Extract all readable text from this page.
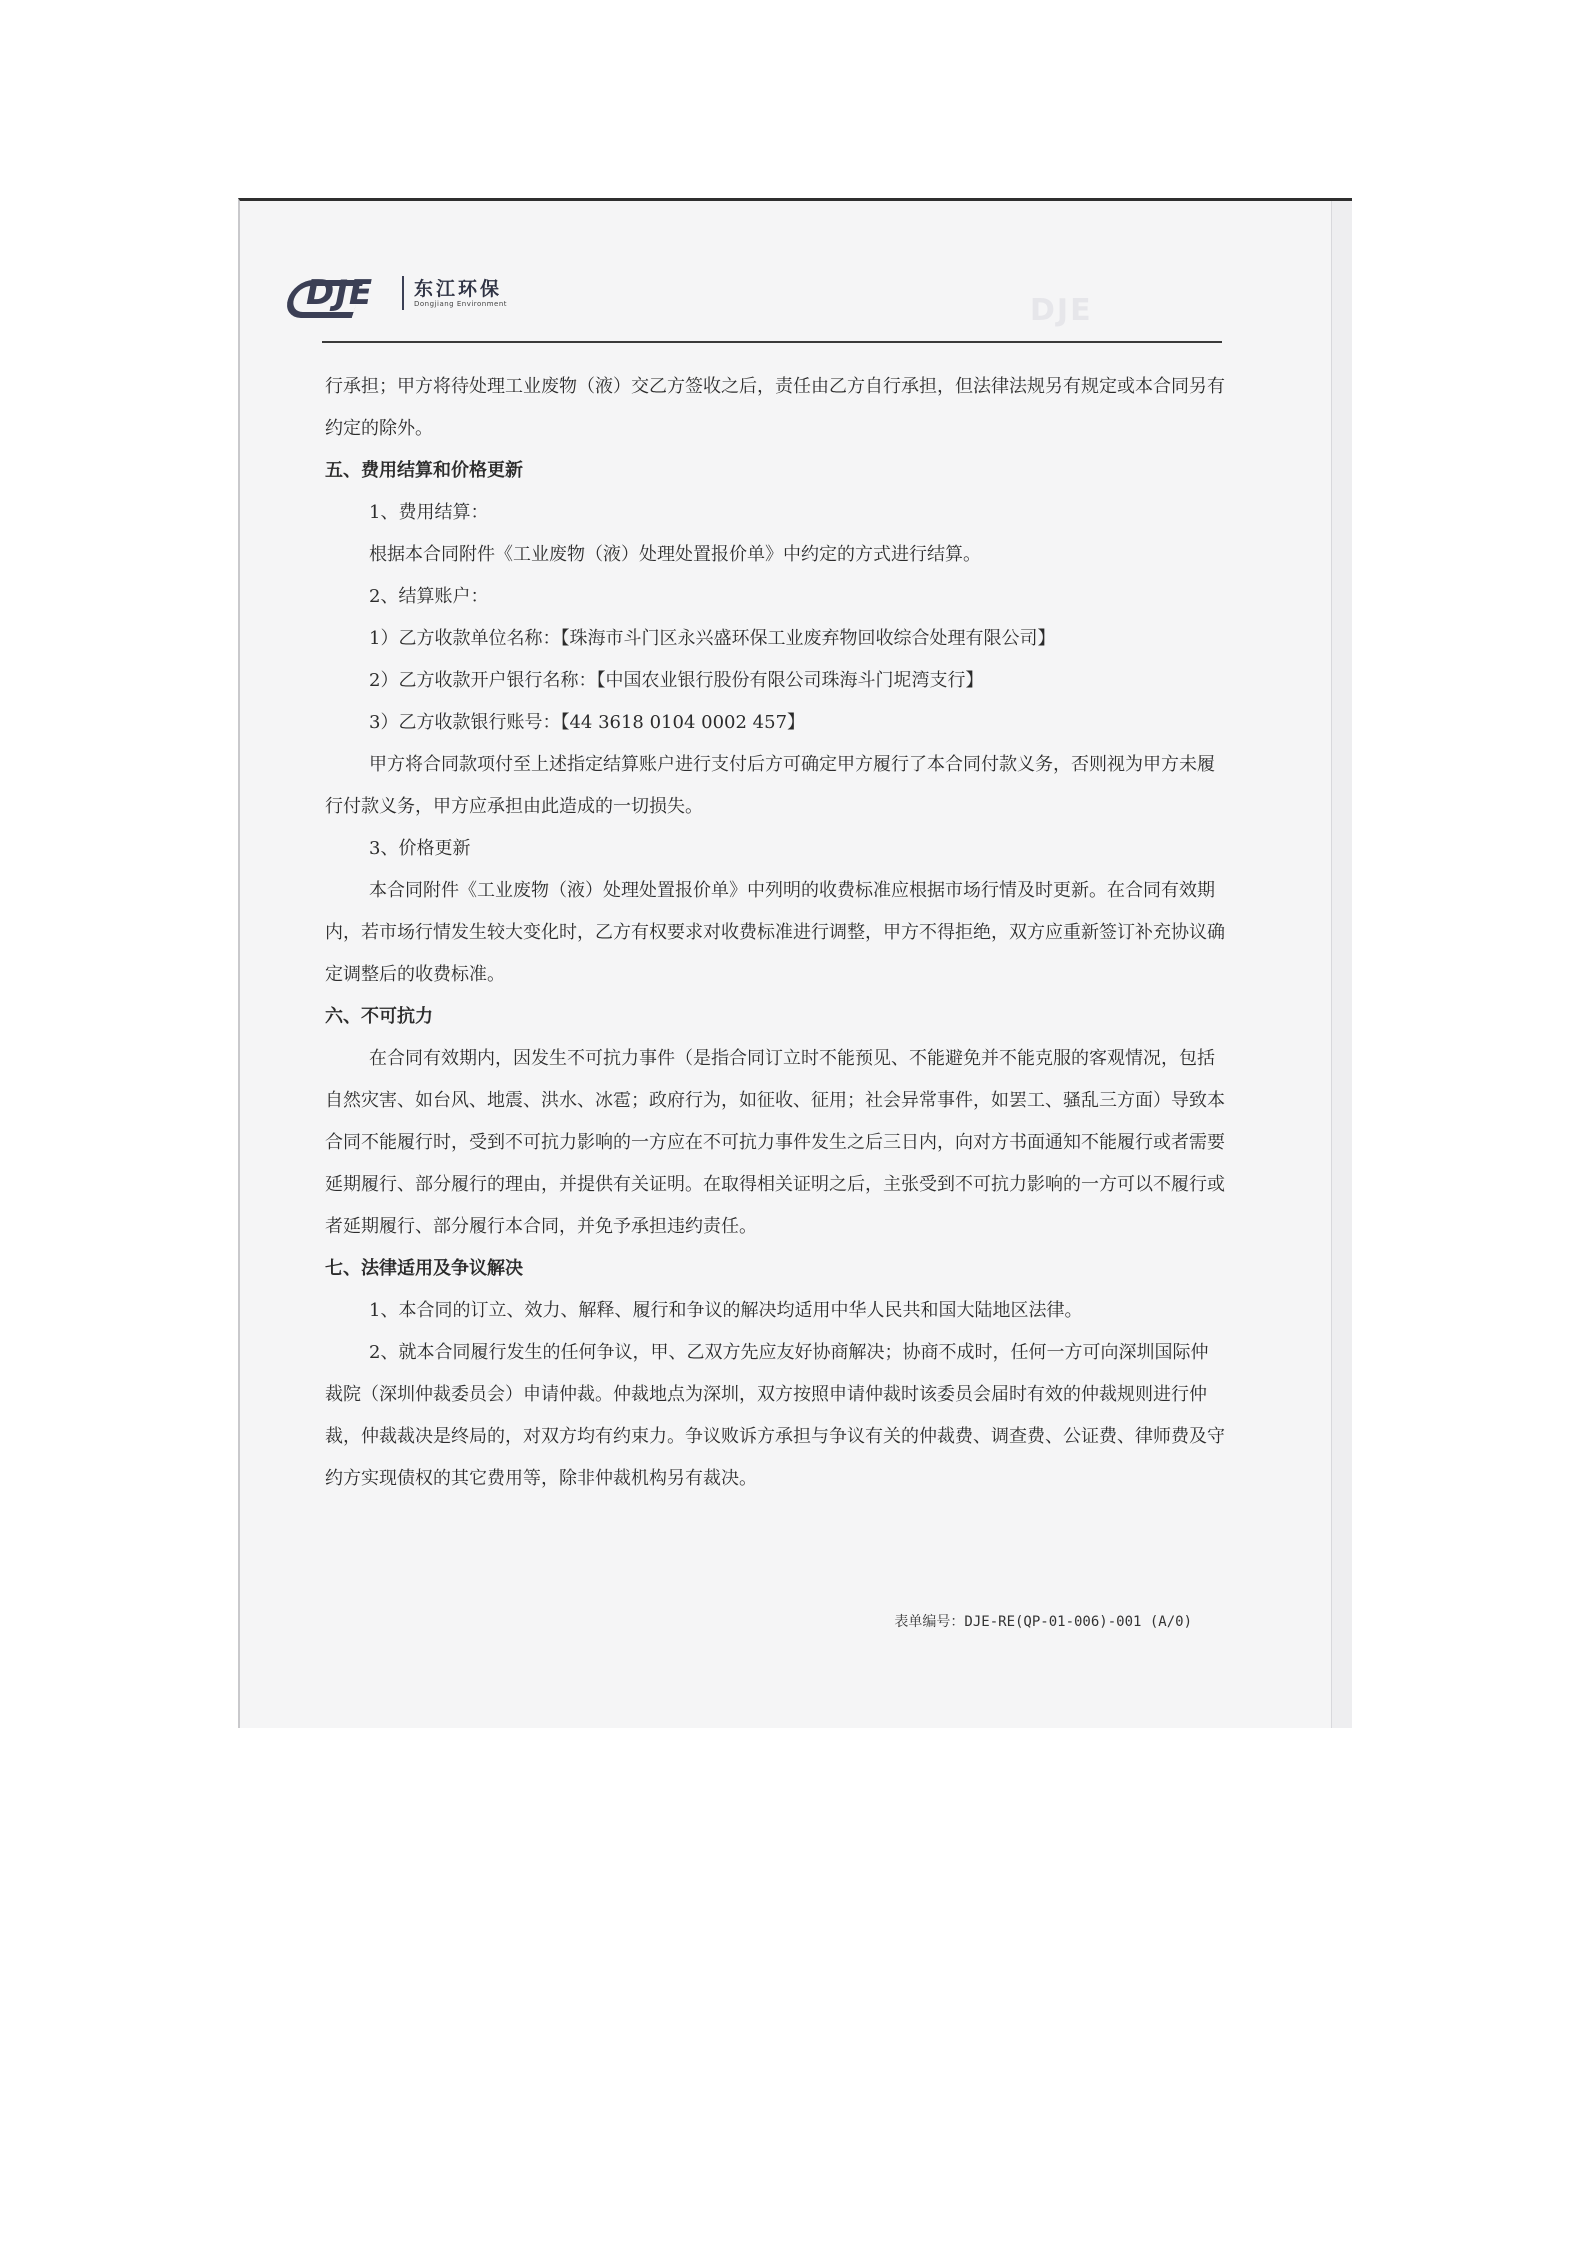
DJE
DJE 东江环保
Dongjiang Environment

行承担；甲方将待处理工业废物（液）交乙方签收之后，责任由乙方自行承担，但法律法规另有规定或本合同另有约定的除外。

五、费用结算和价格更新

1、费用结算：

根据本合同附件《工业废物（液）处理处置报价单》中约定的方式进行结算。

2、结算账户：

1）乙方收款单位名称：【珠海市斗门区永兴盛环保工业废弃物回收综合处理有限公司】

2）乙方收款开户银行名称：【中国农业银行股份有限公司珠海斗门坭湾支行】

3）乙方收款银行账号：【44 3618 0104 0002 457】

甲方将合同款项付至上述指定结算账户进行支付后方可确定甲方履行了本合同付款义务，否则视为甲方未履行付款义务，甲方应承担由此造成的一切损失。

3、价格更新

本合同附件《工业废物（液）处理处置报价单》中列明的收费标准应根据市场行情及时更新。在合同有效期内，若市场行情发生较大变化时，乙方有权要求对收费标准进行调整，甲方不得拒绝，双方应重新签订补充协议确定调整后的收费标准。

六、不可抗力

在合同有效期内，因发生不可抗力事件（是指合同订立时不能预见、不能避免并不能克服的客观情况，包括自然灾害、如台风、地震、洪水、冰雹；政府行为，如征收、征用；社会异常事件，如罢工、骚乱三方面）导致本合同不能履行时，受到不可抗力影响的一方应在不可抗力事件发生之后三日内，向对方书面通知不能履行或者需要延期履行、部分履行的理由，并提供有关证明。在取得相关证明之后，主张受到不可抗力影响的一方可以不履行或者延期履行、部分履行本合同，并免予承担违约责任。

七、法律适用及争议解决

1、本合同的订立、效力、解释、履行和争议的解决均适用中华人民共和国大陆地区法律。

2、就本合同履行发生的任何争议，甲、乙双方先应友好协商解决；协商不成时，任何一方可向深圳国际仲裁院（深圳仲裁委员会）申请仲裁。仲裁地点为深圳，双方按照申请仲裁时该委员会届时有效的仲裁规则进行仲裁，仲裁裁决是终局的，对双方均有约束力。争议败诉方承担与争议有关的仲裁费、调查费、公证费、律师费及守约方实现债权的其它费用等，除非仲裁机构另有裁决。

表单编号：DJE-RE(QP-01-006)-001 (A/0)
